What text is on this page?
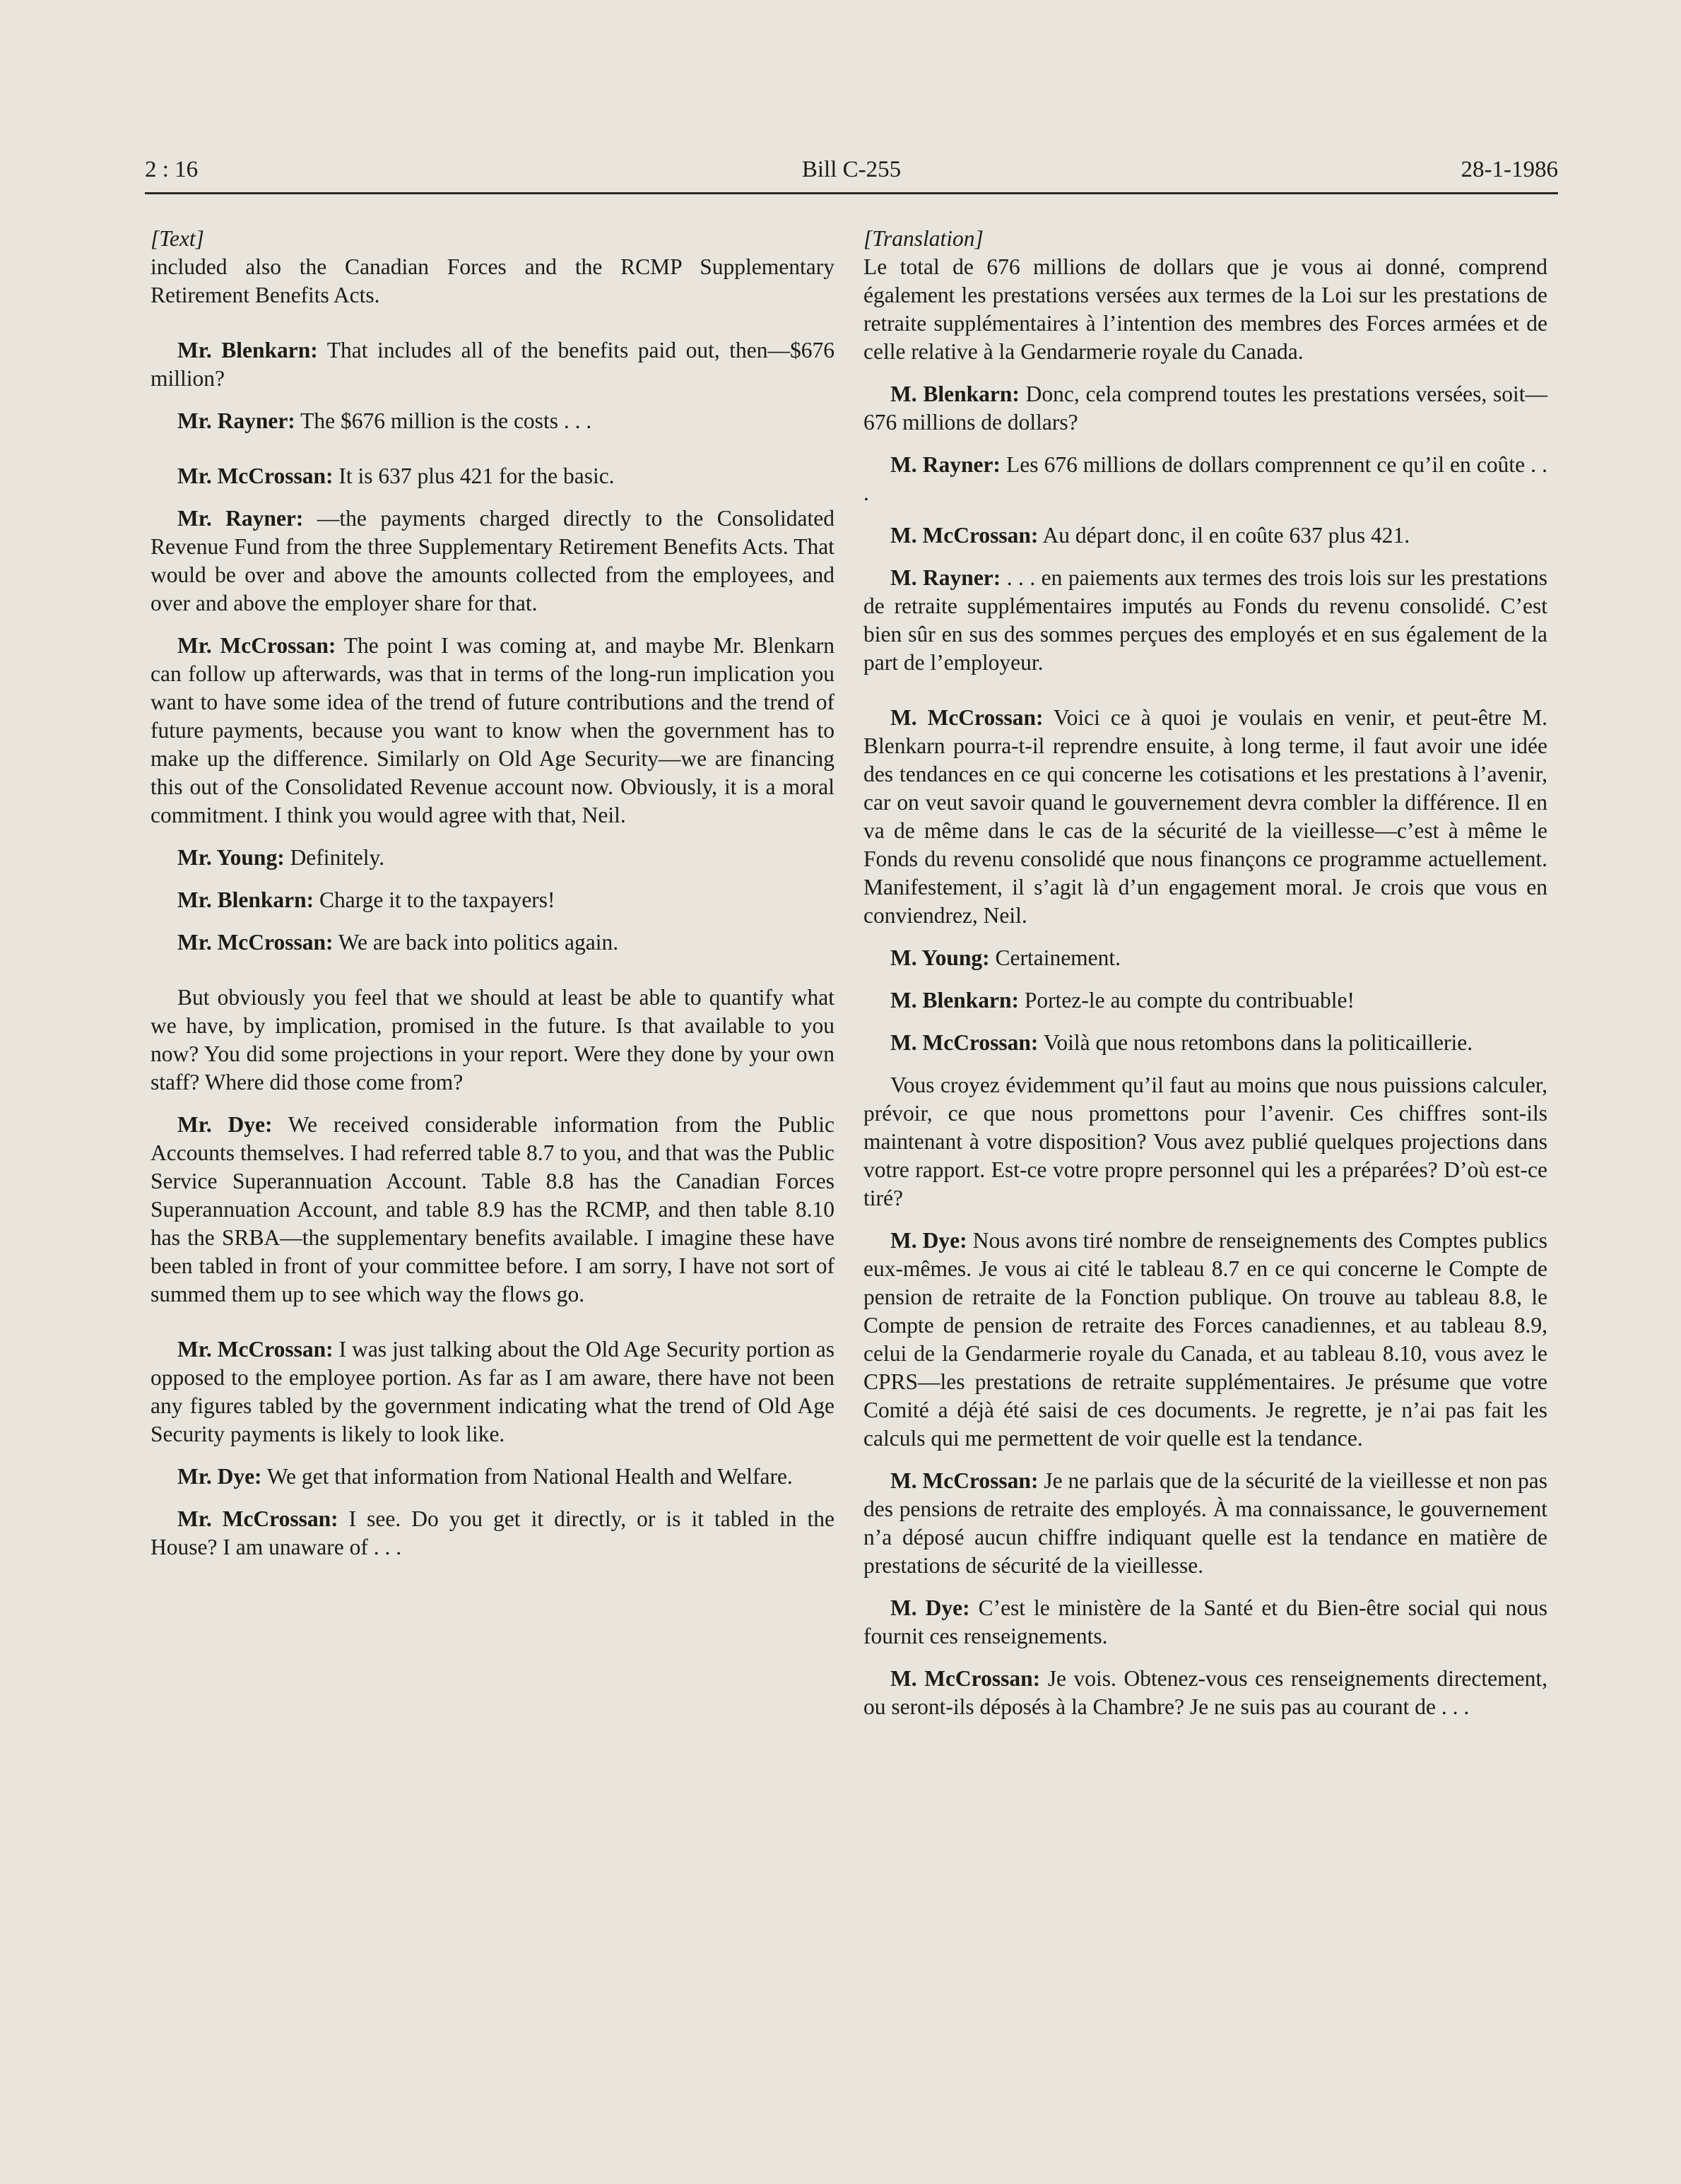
2 : 16	Bill C-255	28-1-1986

[Text]

included also the Canadian Forces and the RCMP Supplementary Retirement Benefits Acts.

Mr. Blenkarn: That includes all of the benefits paid out, then—$676 million?

Mr. Rayner: The $676 million is the costs . . .

Mr. McCrossan: It is 637 plus 421 for the basic.

Mr. Rayner: —the payments charged directly to the Consolidated Revenue Fund from the three Supplementary Retirement Benefits Acts. That would be over and above the amounts collected from the employees, and over and above the employer share for that.

Mr. McCrossan: The point I was coming at, and maybe Mr. Blenkarn can follow up afterwards, was that in terms of the long-run implication you want to have some idea of the trend of future contributions and the trend of future payments, because you want to know when the government has to make up the difference. Similarly on Old Age Security—we are financing this out of the Consolidated Revenue account now. Obviously, it is a moral commitment. I think you would agree with that, Neil.

Mr. Young: Definitely.

Mr. Blenkarn: Charge it to the taxpayers!

Mr. McCrossan: We are back into politics again.

But obviously you feel that we should at least be able to quantify what we have, by implication, promised in the future. Is that available to you now? You did some projections in your report. Were they done by your own staff? Where did those come from?

Mr. Dye: We received considerable information from the Public Accounts themselves. I had referred table 8.7 to you, and that was the Public Service Superannuation Account. Table 8.8 has the Canadian Forces Superannuation Account, and table 8.9 has the RCMP, and then table 8.10 has the SRBA—the supplementary benefits available. I imagine these have been tabled in front of your committee before. I am sorry, I have not sort of summed them up to see which way the flows go.

Mr. McCrossan: I was just talking about the Old Age Security portion as opposed to the employee portion. As far as I am aware, there have not been any figures tabled by the government indicating what the trend of Old Age Security payments is likely to look like.

Mr. Dye: We get that information from National Health and Welfare.

Mr. McCrossan: I see. Do you get it directly, or is it tabled in the House? I am unaware of . . .

[Translation]

Le total de 676 millions de dollars que je vous ai donné, comprend également les prestations versées aux termes de la Loi sur les prestations de retraite supplémentaires à l’intention des membres des Forces armées et de celle relative à la Gendarmerie royale du Canada.

M. Blenkarn: Donc, cela comprend toutes les prestations versées, soit—676 millions de dollars?

M. Rayner: Les 676 millions de dollars comprennent ce qu’il en coûte . . .

M. McCrossan: Au départ donc, il en coûte 637 plus 421.

M. Rayner: . . . en paiements aux termes des trois lois sur les prestations de retraite supplémentaires imputés au Fonds du revenu consolidé. C’est bien sûr en sus des sommes perçues des employés et en sus également de la part de l’employeur.

M. McCrossan: Voici ce à quoi je voulais en venir, et peut-être M. Blenkarn pourra-t-il reprendre ensuite, à long terme, il faut avoir une idée des tendances en ce qui concerne les cotisations et les prestations à l’avenir, car on veut savoir quand le gouvernement devra combler la différence. Il en va de même dans le cas de la sécurité de la vieillesse—c’est à même le Fonds du revenu consolidé que nous finançons ce programme actuellement. Manifestement, il s’agit là d’un engagement moral. Je crois que vous en conviendrez, Neil.

M. Young: Certainement.

M. Blenkarn: Portez-le au compte du contribuable!

M. McCrossan: Voilà que nous retombons dans la politicaillerie.

Vous croyez évidemment qu’il faut au moins que nous puissions calculer, prévoir, ce que nous promettons pour l’avenir. Ces chiffres sont-ils maintenant à votre disposition? Vous avez publié quelques projections dans votre rapport. Est-ce votre propre personnel qui les a préparées? D’où est-ce tiré?

M. Dye: Nous avons tiré nombre de renseignements des Comptes publics eux-mêmes. Je vous ai cité le tableau 8.7 en ce qui concerne le Compte de pension de retraite de la Fonction publique. On trouve au tableau 8.8, le Compte de pension de retraite des Forces canadiennes, et au tableau 8.9, celui de la Gendarmerie royale du Canada, et au tableau 8.10, vous avez le CPRS—les prestations de retraite supplémentaires. Je présume que votre Comité a déjà été saisi de ces documents. Je regrette, je n’ai pas fait les calculs qui me permettent de voir quelle est la tendance.

M. McCrossan: Je ne parlais que de la sécurité de la vieillesse et non pas des pensions de retraite des employés. À ma connaissance, le gouvernement n’a déposé aucun chiffre indiquant quelle est la tendance en matière de prestations de sécurité de la vieillesse.

M. Dye: C’est le ministère de la Santé et du Bien-être social qui nous fournit ces renseignements.

M. McCrossan: Je vois. Obtenez-vous ces renseignements directement, ou seront-ils déposés à la Chambre? Je ne suis pas au courant de . . .
